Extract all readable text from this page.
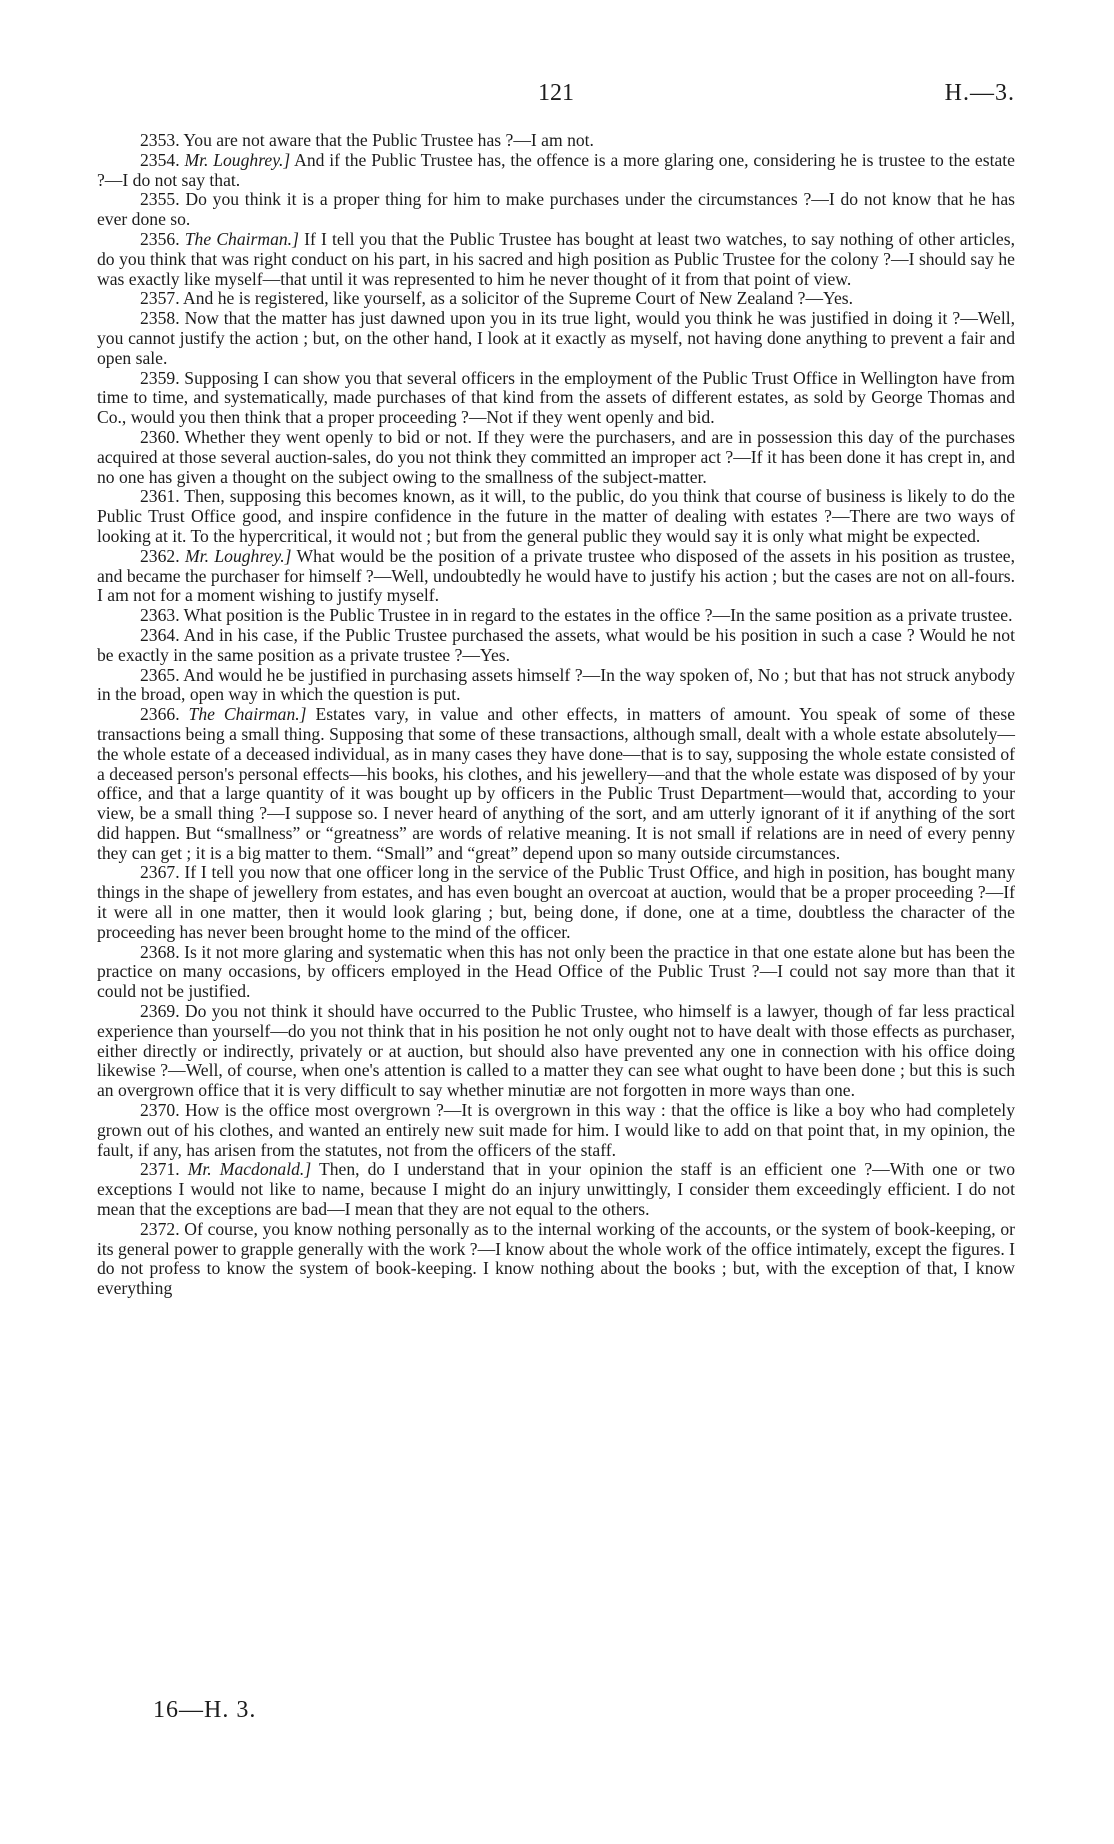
121	H.—3.

2353. You are not aware that the Public Trustee has ?—I am not.

2354. Mr. Loughrey.] And if the Public Trustee has, the offence is a more glaring one, considering he is trustee to the estate ?—I do not say that.

2355. Do you think it is a proper thing for him to make purchases under the circumstances ?—I do not know that he has ever done so.

2356. The Chairman.] If I tell you that the Public Trustee has bought at least two watches, to say nothing of other articles, do you think that was right conduct on his part, in his sacred and high position as Public Trustee for the colony ?—I should say he was exactly like myself—that until it was represented to him he never thought of it from that point of view.

2357. And he is registered, like yourself, as a solicitor of the Supreme Court of New Zealand ?—Yes.

2358. Now that the matter has just dawned upon you in its true light, would you think he was justified in doing it ?—Well, you cannot justify the action ; but, on the other hand, I look at it exactly as myself, not having done anything to prevent a fair and open sale.

2359. Supposing I can show you that several officers in the employment of the Public Trust Office in Wellington have from time to time, and systematically, made purchases of that kind from the assets of different estates, as sold by George Thomas and Co., would you then think that a proper proceeding ?—Not if they went openly and bid.

2360. Whether they went openly to bid or not. If they were the purchasers, and are in possession this day of the purchases acquired at those several auction-sales, do you not think they committed an improper act ?—If it has been done it has crept in, and no one has given a thought on the subject owing to the smallness of the subject-matter.

2361. Then, supposing this becomes known, as it will, to the public, do you think that course of business is likely to do the Public Trust Office good, and inspire confidence in the future in the matter of dealing with estates ?—There are two ways of looking at it. To the hypercritical, it would not ; but from the general public they would say it is only what might be expected.

2362. Mr. Loughrey.] What would be the position of a private trustee who disposed of the assets in his position as trustee, and became the purchaser for himself ?—Well, undoubtedly he would have to justify his action ; but the cases are not on all-fours. I am not for a moment wishing to justify myself.

2363. What position is the Public Trustee in in regard to the estates in the office ?—In the same position as a private trustee.

2364. And in his case, if the Public Trustee purchased the assets, what would be his position in such a case ? Would he not be exactly in the same position as a private trustee ?—Yes.

2365. And would he be justified in purchasing assets himself ?—In the way spoken of, No ; but that has not struck anybody in the broad, open way in which the question is put.

2366. The Chairman.] Estates vary, in value and other effects, in matters of amount. You speak of some of these transactions being a small thing. Supposing that some of these transactions, although small, dealt with a whole estate absolutely—the whole estate of a deceased individual, as in many cases they have done—that is to say, supposing the whole estate consisted of a deceased person's personal effects—his books, his clothes, and his jewellery—and that the whole estate was disposed of by your office, and that a large quantity of it was bought up by officers in the Public Trust Department—would that, according to your view, be a small thing ?—I suppose so. I never heard of anything of the sort, and am utterly ignorant of it if anything of the sort did happen. But “smallness” or “greatness” are words of relative meaning. It is not small if relations are in need of every penny they can get ; it is a big matter to them. “Small” and “great” depend upon so many outside circumstances.

2367. If I tell you now that one officer long in the service of the Public Trust Office, and high in position, has bought many things in the shape of jewellery from estates, and has even bought an overcoat at auction, would that be a proper proceeding ?—If it were all in one matter, then it would look glaring ; but, being done, if done, one at a time, doubtless the character of the proceeding has never been brought home to the mind of the officer.

2368. Is it not more glaring and systematic when this has not only been the practice in that one estate alone but has been the practice on many occasions, by officers employed in the Head Office of the Public Trust ?—I could not say more than that it could not be justified.

2369. Do you not think it should have occurred to the Public Trustee, who himself is a lawyer, though of far less practical experience than yourself—do you not think that in his position he not only ought not to have dealt with those effects as purchaser, either directly or indirectly, privately or at auction, but should also have prevented any one in connection with his office doing likewise ?—Well, of course, when one's attention is called to a matter they can see what ought to have been done ; but this is such an overgrown office that it is very difficult to say whether minutiæ are not forgotten in more ways than one.

2370. How is the office most overgrown ?—It is overgrown in this way : that the office is like a boy who had completely grown out of his clothes, and wanted an entirely new suit made for him. I would like to add on that point that, in my opinion, the fault, if any, has arisen from the statutes, not from the officers of the staff.

2371. Mr. Macdonald.] Then, do I understand that in your opinion the staff is an efficient one ?—With one or two exceptions I would not like to name, because I might do an injury unwittingly, I consider them exceedingly efficient. I do not mean that the exceptions are bad—I mean that they are not equal to the others.

2372. Of course, you know nothing personally as to the internal working of the accounts, or the system of book-keeping, or its general power to grapple generally with the work ?—I know about the whole work of the office intimately, except the figures. I do not profess to know the system of book-keeping. I know nothing about the books ; but, with the exception of that, I know everything

16—H. 3.
